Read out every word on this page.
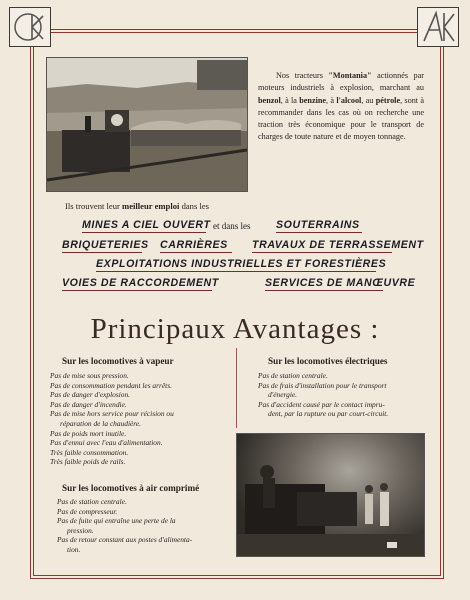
Nos tracteurs "Montania" actionnés par moteurs industriels à explosion, marchant au benzol, à la benzine, à l'alcool, au pétrole, sont à recommander dans les cas où on recherche une traction très économique pour le transport de charges de toute nature et de moyen tonnage.
Ils trouvent leur meilleur emploi dans les
MINES A CIEL OUVERT et dans les SOUTERRAINS
BRIQUETERIES CARRIÈRES TRAVAUX DE TERRASSEMENT
EXPLOITATIONS INDUSTRIELLES ET FORESTIÈRES
VOIES DE RACCORDEMENT	SERVICES DE MANŒUVRE
Principaux Avantages :
Sur les locomotives à vapeur
Pas de mise sous pression.
Pas de consommation pendant les arrêts.
Pas de danger d'explosion.
Pas de danger d'incendie.
Pas de mise hors service pour récision ou
réparation de la chaudière.
Pas de poids mort inutile.
Pas d'ennui avec l'eau d'alimentation.
Très faible consommation.
Très faible poids de rails.
Sur les locomotives électriques
Pas de station centrale.
Pas de frais d'installation pour le transport
d'énergie.
Pas d'accident causé par le contact impru-
dent, par la rupture ou par court-circuit.
Sur les locomotives à air comprimé
Pas de station centrale.
Pas de compresseur.
Pas de fuite qui entraîne une perte de la
pression.
Pas de retour constant aux postes d'alimenta-
tion.
